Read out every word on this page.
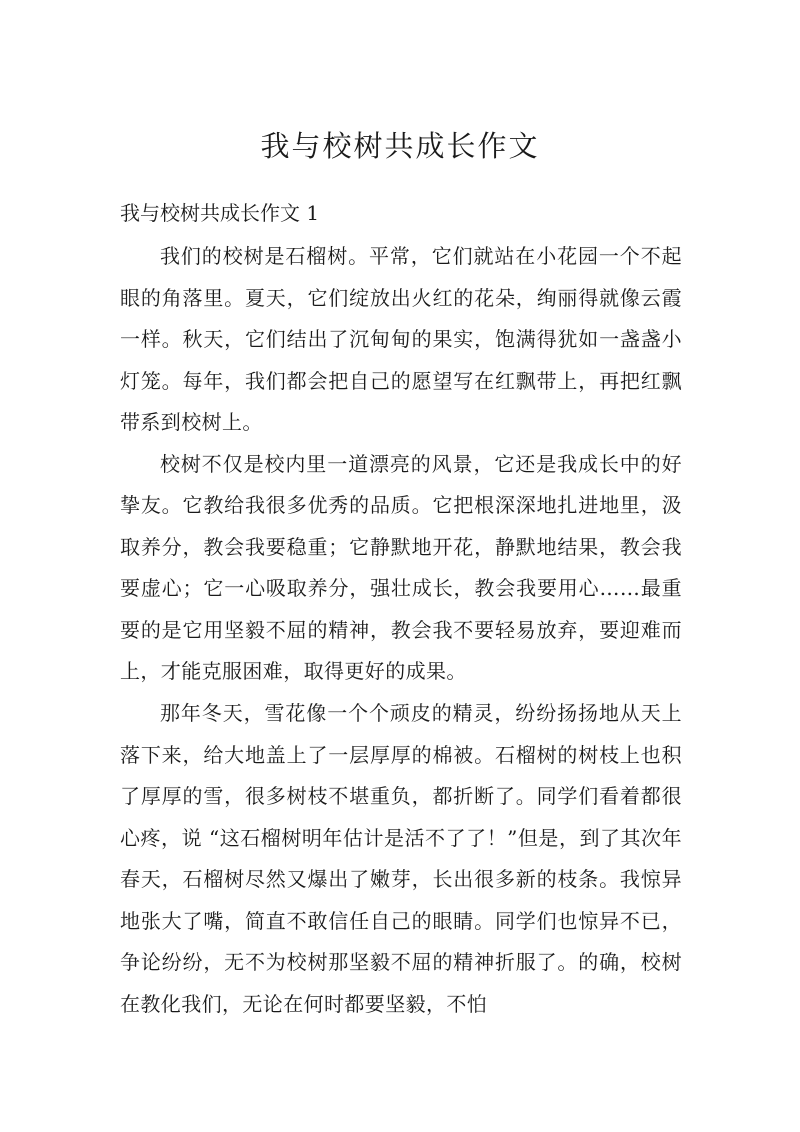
我与校树共成长作文

我与校树共成长作文 1

我们的校树是石榴树。平常，它们就站在小花园一个不起眼的角落里。夏天，它们绽放出火红的花朵，绚丽得就像云霞一样。秋天，它们结出了沉甸甸的果实，饱满得犹如一盏盏小灯笼。每年，我们都会把自己的愿望写在红飘带上，再把红飘带系到校树上。

校树不仅是校内里一道漂亮的风景，它还是我成长中的好挚友。它教给我很多优秀的品质。它把根深深地扎进地里，汲取养分，教会我要稳重；它静默地开花，静默地结果，教会我要虚心；它一心吸取养分，强壮成长，教会我要用心……最重要的是它用坚毅不屈的精神，教会我不要轻易放弃，要迎难而上，才能克服困难，取得更好的成果。

那年冬天，雪花像一个个顽皮的精灵，纷纷扬扬地从天上落下来，给大地盖上了一层厚厚的棉被。石榴树的树枝上也积了厚厚的雪，很多树枝不堪重负，都折断了。同学们看着都很心疼，说 “这石榴树明年估计是活不了了！”但是，到了其次年春天，石榴树尽然又爆出了嫩芽，长出很多新的枝条。我惊异地张大了嘴，简直不敢信任自己的眼睛。同学们也惊异不已，争论纷纷，无不为校树那坚毅不屈的精神折服了。的确，校树在教化我们，无论在何时都要坚毅，不怕
